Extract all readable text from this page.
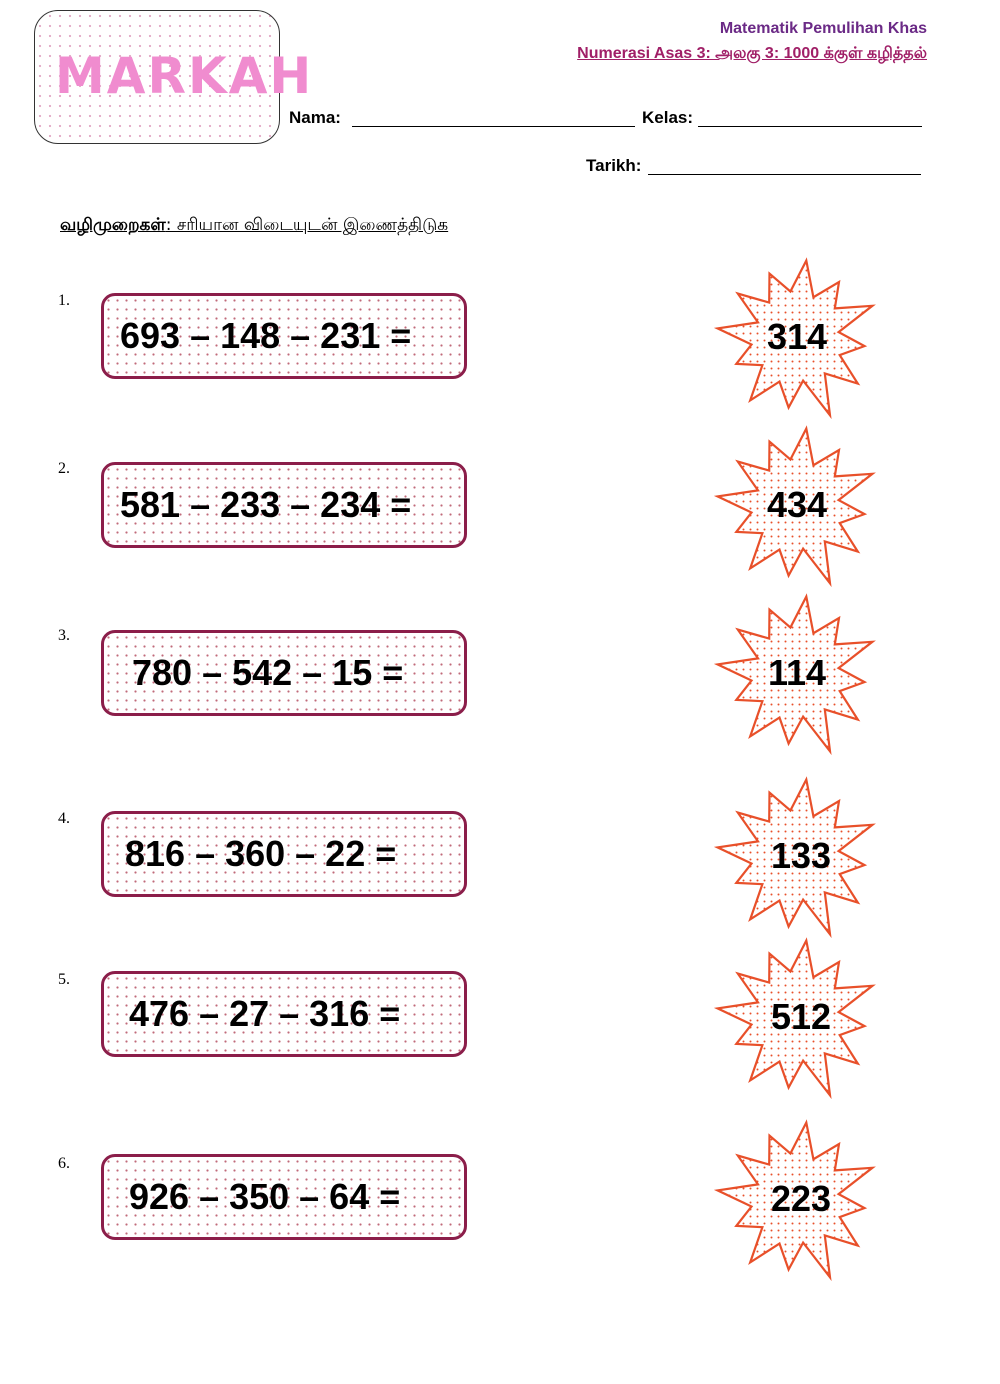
MARKAH
Matematik Pemulihan Khas
Numerasi Asas 3: அலகு 3: 1000 க்குள் கழித்தல்
Nama:	Kelas:
Tarikh:
வழிமுறைகள்: சரியான விடையுடன் இணைத்திடுக
1.
693 – 148 – 231 =
2.
581 – 233 – 234 =
3.
780 – 542 – 15 =
4.
816 – 360 – 22 =
5.
476 – 27 – 316 =
6.
926 – 350 – 64 =
314
434
114
133
512
223
